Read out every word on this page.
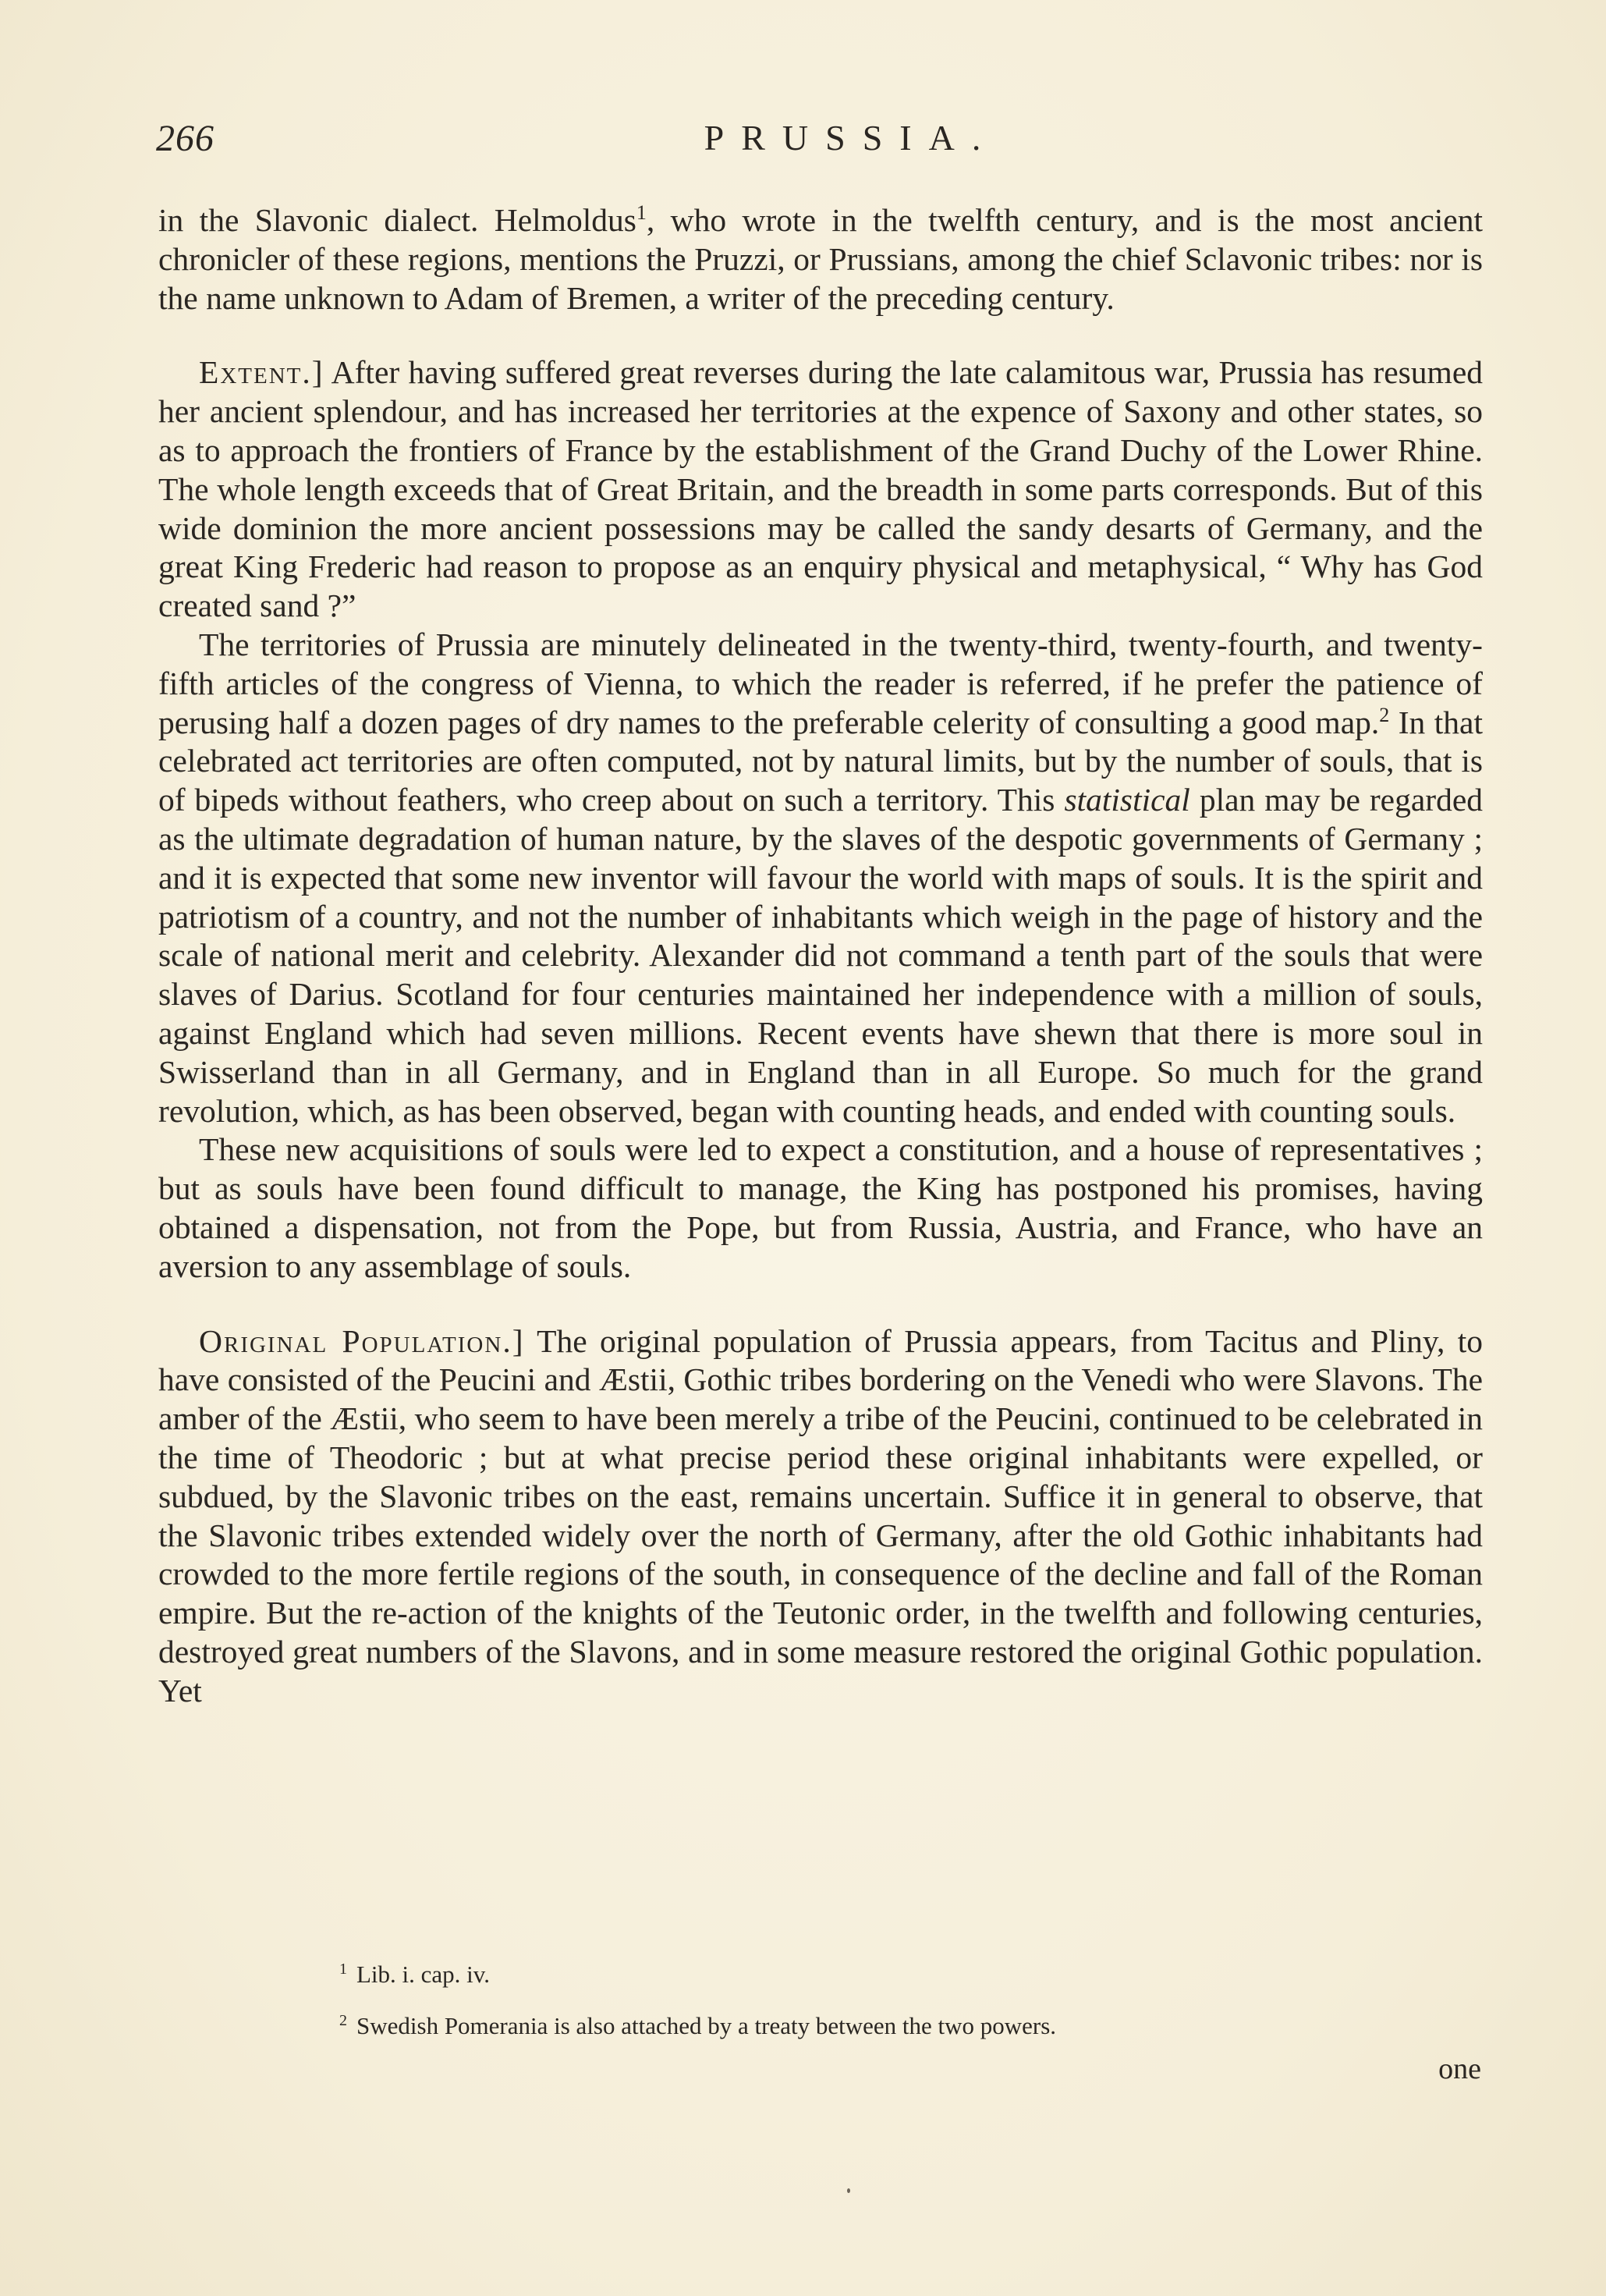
266	PRUSSIA.

in the Slavonic dialect. Helmoldus$^1$, who wrote in the twelfth century, and is the most ancient chronicler of these regions, mentions the Pruzzi, or Prussians, among the chief Sclavonic tribes: nor is the name unknown to Adam of Bremen, a writer of the preceding century.

Extent.] After having suffered great reverses during the late calamitous war, Prussia has resumed her ancient splendour, and has increased her territories at the expence of Saxony and other states, so as to approach the frontiers of France by the establishment of the Grand Duchy of the Lower Rhine. The whole length exceeds that of Great Britain, and the breadth in some parts corresponds. But of this wide dominion the more ancient possessions may be called the sandy desarts of Germany, and the great King Frederic had reason to propose as an enquiry physical and metaphysical, “ Why has God created sand ?”

The territories of Prussia are minutely delineated in the twenty-third, twenty-fourth, and twenty-fifth articles of the congress of Vienna, to which the reader is referred, if he prefer the patience of perusing half a dozen pages of dry names to the preferable celerity of consulting a good map.$^2$ In that celebrated act territories are often computed, not by natural limits, but by the number of souls, that is of bipeds without feathers, who creep about on such a territory. This statistical plan may be regarded as the ultimate degradation of human nature, by the slaves of the despotic governments of Germany ; and it is expected that some new inventor will favour the world with maps of souls. It is the spirit and patriotism of a country, and not the number of inhabitants which weigh in the page of history and the scale of national merit and celebrity. Alexander did not command a tenth part of the souls that were slaves of Darius. Scotland for four centuries maintained her independence with a million of souls, against England which had seven millions. Recent events have shewn that there is more soul in Swisserland than in all Germany, and in England than in all Europe. So much for the grand revolution, which, as has been observed, began with counting heads, and ended with counting souls.

These new acquisitions of souls were led to expect a constitution, and a house of representatives ; but as souls have been found difficult to manage, the King has postponed his promises, having obtained a dispensation, not from the Pope, but from Russia, Austria, and France, who have an aversion to any assemblage of souls.

Original Population.] The original population of Prussia appears, from Tacitus and Pliny, to have consisted of the Peucini and Æstii, Gothic tribes bordering on the Venedi who were Slavons. The amber of the Æstii, who seem to have been merely a tribe of the Peucini, continued to be celebrated in the time of Theodoric ; but at what precise period these original inhabitants were expelled, or subdued, by the Slavonic tribes on the east, remains uncertain. Suffice it in general to observe, that the Slavonic tribes extended widely over the north of Germany, after the old Gothic inhabitants had crowded to the more fertile regions of the south, in consequence of the decline and fall of the Roman empire. But the re-action of the knights of the Teutonic order, in the twelfth and following centuries, destroyed great numbers of the Slavons, and in some measure restored the original Gothic population. Yet

$^1$ Lib. i. cap. iv.
$^2$ Swedish Pomerania is also attached by a treaty between the two powers.
one
